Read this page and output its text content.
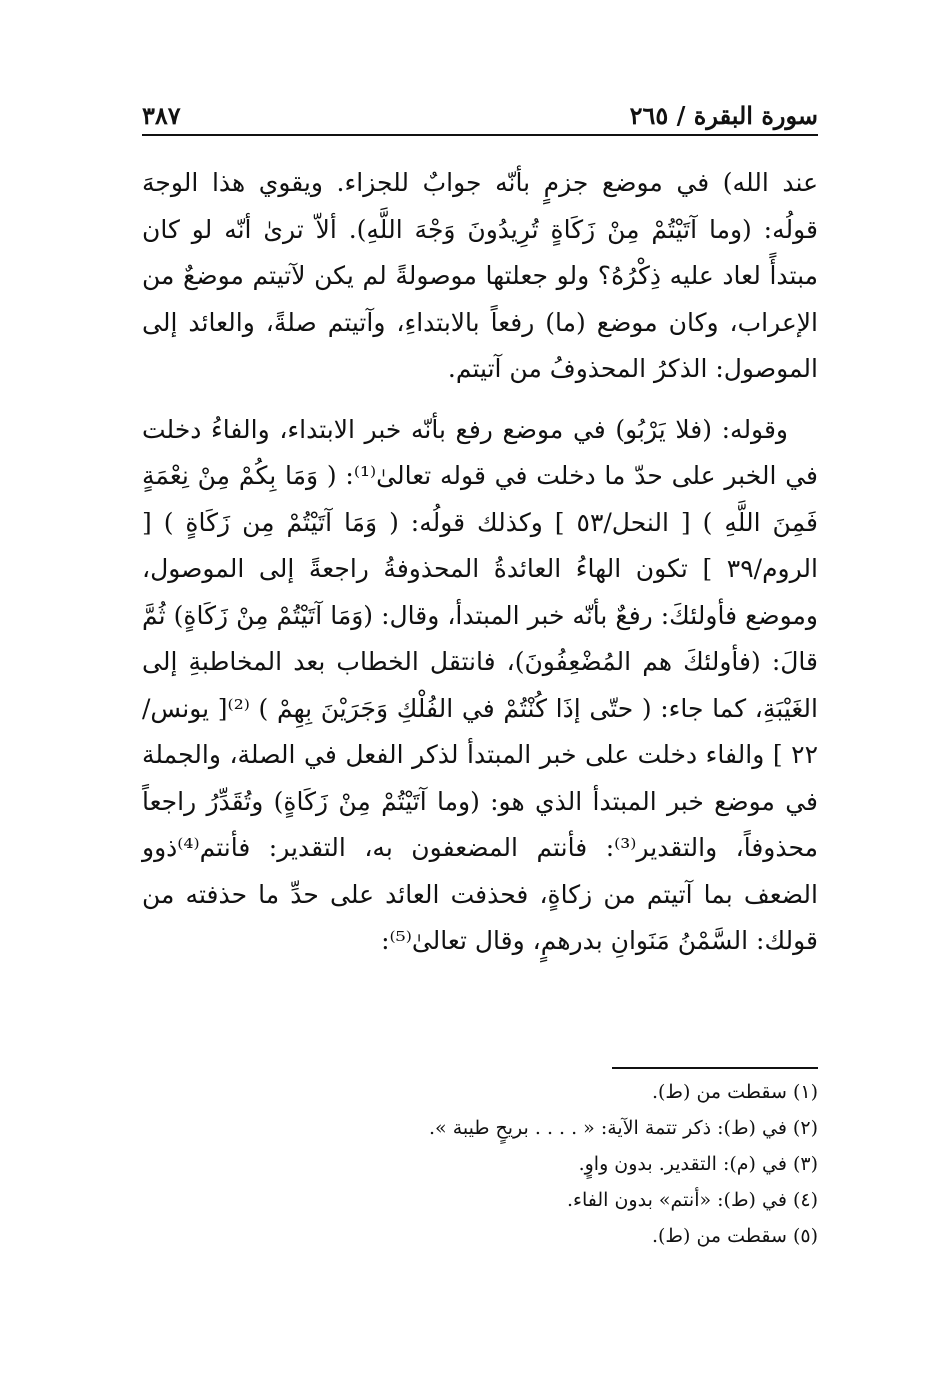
سورة البقرة / ٢٦٥
٣٨٧

عند الله) في موضع جزمٍ بأنّه جوابٌ للجزاء. ويقوي هذا الوجهَ قولُه: (وما آتَيْتُمْ مِنْ زَكَاةٍ تُرِيدُونَ وَجْهَ اللَّهِ). ألاّ ترىٰ أنّه لو كان مبتدأً لعاد عليه ذِكْرُهُ؟ ولو جعلتها موصولةً لم يكن لآتيتم موضعٌ من الإعراب، وكان موضع (ما) رفعاً بالابتداءِ، وآتيتم صلةً، والعائد إلى الموصول: الذكرُ المحذوفُ من آتيتم.

وقوله: (فلا يَرْبُو) في موضع رفع بأنّه خبر الابتداء، والفاءُ دخلت في الخبر على حدّ ما دخلت في قوله تعالىٰ⁽¹⁾: ( وَمَا بِكُمْ مِنْ نِعْمَةٍ فَمِنَ اللَّهِ ) [ النحل/٥٣ ] وكذلك قولُه: ( وَمَا آتَيْتُمْ مِن زَكَاةٍ ) [ الروم/٣٩ ] تكون الهاءُ العائدةُ المحذوفةُ راجعةً إلى الموصول، وموضع فأولئكَ: رفعٌ بأنّه خبر المبتدأ، وقال: (وَمَا آتَيْتُمْ مِنْ زَكَاةٍ) ثُمَّ قالَ: (فأولئكَ هم المُضْعِفُونَ)، فانتقل الخطاب بعد المخاطبةِ إلى الغَيْبَةِ، كما جاء: ( حتّى إذَا كُنْتُمْ في الفُلْكِ وَجَرَيْنَ بِهِمْ ) ⁽²⁾[ يونس/٢٢ ] والفاء دخلت على خبر المبتدأ لذكر الفعل في الصلة، والجملة في موضع خبر المبتدأ الذي هو: (وما آتَيْتُمْ مِنْ زَكَاةٍ) وتُقَدِّرُ راجعاً محذوفاً، والتقدير⁽³⁾: فأنتم المضعفون به، التقدير: فأنتم⁽⁴⁾ذوو الضعف بما آتيتم من زكاةٍ، فحذفت العائد على حدِّ ما حذفته من قولك: السَّمْنُ مَنَوانِ بدرهمٍ، وقال تعالىٰ⁽⁵⁾:

(١) سقطت من (ط).
(٢) في (ط): ذكر تتمة الآية: « . . . . بريحٍ طيبة ».
(٣) في (م): التقدير. بدون واوٍ.
(٤) في (ط): «أنتم» بدون الفاء.
(٥) سقطت من (ط).
